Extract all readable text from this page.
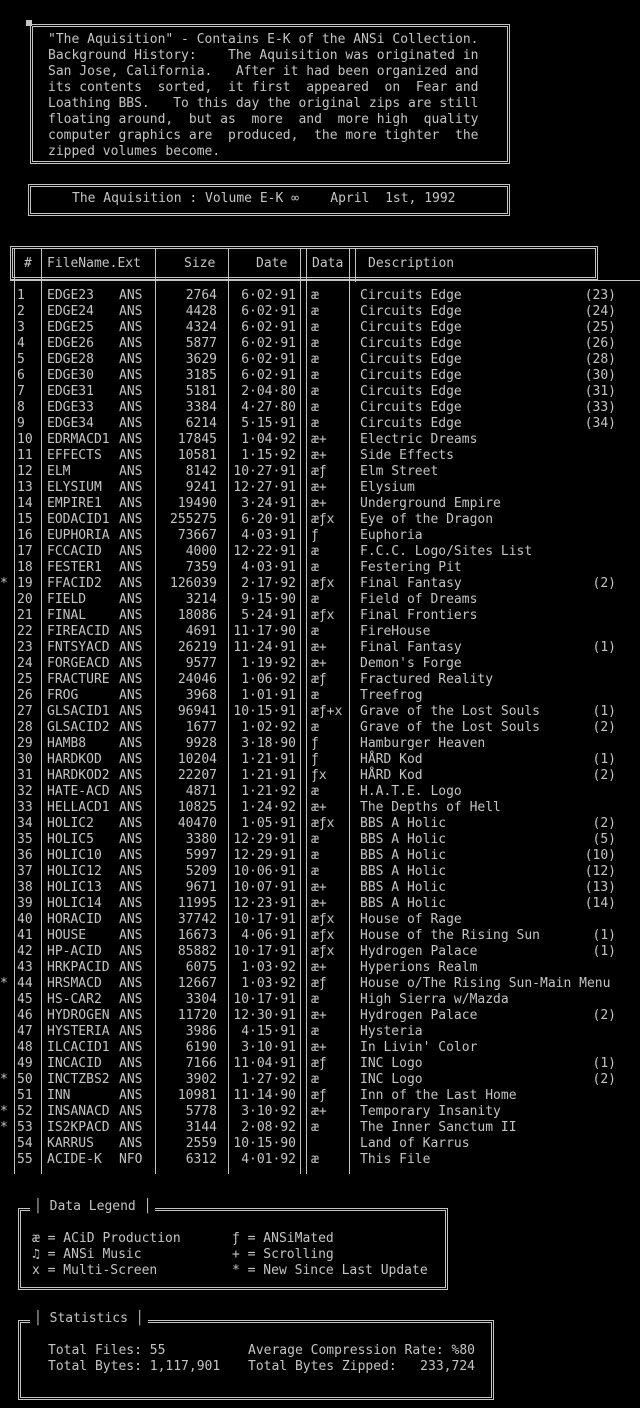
"The Aquisition" - Contains E-K of the ANSi Collection.
Background History:    The Aquisition was originated in
San Jose, California.   After it had been organized and
its contents  sorted,  it first  appeared  on  Fear and
Loathing BBS.   To this day the original zips are still
floating around,  but as  more  and  more high  quality
computer graphics are  produced,  the more tighter  the
zipped volumes become.
The Aquisition : Volume E-K ∞    April  1st, 1992
# FileName.Ext	Size	Date Data Description
1 EDGE23 ANS	2764	6·02·91 æ	Circuits Edge	(23)
2 EDGE24 ANS	4428	6·02·91 æ	Circuits Edge	(24)
3 EDGE25 ANS	4324	6·02·91 æ	Circuits Edge	(25)
4 EDGE26 ANS	5877	6·02·91 æ	Circuits Edge	(26)
5 EDGE28 ANS	3629	6·02·91 æ	Circuits Edge	(28)
6 EDGE30 ANS	3185	6·02·91 æ	Circuits Edge	(30)
7 EDGE31 ANS	5181	2·04·80 æ	Circuits Edge	(31)
8 EDGE33 ANS	3384	4·27·80 æ	Circuits Edge	(33)
9 EDGE34 ANS	6214	5·15·91 æ	Circuits Edge	(34)
10 EDRMACD1 ANS	17845	1·04·92 æ+	Electric Dreams
11 EFFECTS ANS	10581	1·15·92 æ+	Side Effects
12 ELM	ANS	8142 10·27·91 æƒ	Elm Street
13 ELYSIUM ANS	9241 12·27·91 æ+	Elysium
14 EMPIRE1 ANS	19490	3·24·91 æ+	Underground Empire
15 EODACID1 ANS	255275	6·20·91 æƒx Eye of the Dragon
16 EUPHORIA ANS	73667	4·03·91 ƒ	Euphoria
17 FCCACID ANS	4000 12·22·91 æ	F.C.C. Logo/Sites List
18 FESTER1 ANS	7359	4·03·91 æ	Festering Pit
* 19 FFACID2 ANS	126039	2·17·92 æƒx Final Fantasy	(2)
20 FIELD	ANS	3214	9·15·90 æ	Field of Dreams
21 FINAL	ANS	18086	5·24·91 æƒx Final Frontiers
22 FIREACID ANS	4691 11·17·90 æ	FireHouse
23 FNTSYACD ANS	26219 11·24·91 æ+	Final Fantasy	(1)
24 FORGEACD ANS	9577	1·19·92 æ+	Demon's Forge
25 FRACTURE ANS	24046	1·06·92 æƒ	Fractured Reality
26 FROG	ANS	3968	1·01·91 æ	Treefrog
27 GLSACID1 ANS	96941 10·15·91 æƒ+x Grave of the Lost Souls	(1)
28 GLSACID2 ANS	1677	1·02·92 æ	Grave of the Lost Souls	(2)
29 HAMB8	ANS	9928	3·18·90 ƒ	Hamburger Heaven
30 HARDKOD ANS	10204	1·21·91 ƒ	HÅRD Kod	(1)
31 HARDKOD2 ANS	22207	1·21·91 ƒx	HÅRD Kod	(2)
32 HATE-ACD ANS	4871	1·21·92 æ	H.A.T.E. Logo
33 HELLACD1 ANS	10825	1·24·92 æ+	The Depths of Hell
34 HOLIC2 ANS	40470	1·05·91 æƒx BBS A Holic	(2)
35 HOLIC5 ANS	3380 12·29·91 æ	BBS A Holic	(5)
36 HOLIC10 ANS	5997 12·29·91 æ	BBS A Holic	(10)
37 HOLIC12 ANS	5209 10·06·91 æ	BBS A Holic	(12)
38 HOLIC13 ANS	9671 10·07·91 æ+	BBS A Holic	(13)
39 HOLIC14 ANS	11995 12·23·91 æ+	BBS A Holic	(14)
40 HORACID ANS	37742 10·17·91 æƒx House of Rage
41 HOUSE	ANS	16673	4·06·91 æƒx House of the Rising Sun	(1)
42 HP-ACID ANS	85882 10·17·91 æƒx Hydrogen Palace	(1)
43 HRKPACID ANS	6075	1·03·92 æ+	Hyperions Realm
* 44 HRSMACD ANS	12667	1·03·92 æƒ	House o/The Rising Sun-Main Menu
45 HS-CAR2 ANS	3304 10·17·91 æ	High Sierra w/Mazda
46 HYDROGEN ANS	11720 12·30·91 æ+	Hydrogen Palace	(2)
47 HYSTERIA ANS	3986	4·15·91 æ	Hysteria
48 ILCACID1 ANS	6190	3·10·91 æ+	In Livin' Color
49 INCACID ANS	7166 11·04·91 æƒ	INC Logo	(1)
* 50 INCTZBS2 ANS	3902	1·27·92 æ	INC Logo	(2)
51 INN	ANS	10981 11·14·90 æƒ	Inn of the Last Home
* 52 INSANACD ANS	5778	3·10·92 æ+	Temporary Insanity
* 53 IS2KPACD ANS	3144	2·08·92 æ	The Inner Sanctum II
54 KARRUS ANS	2559 10·15·90	Land of Karrus
55 ACIDE-K NFO	6312	4·01·92 æ	This File
│ Data Legend │
æ = ACiD Production	ƒ = ANSiMated
♫ = ANSi Music	+ = Scrolling
x = Multi-Screen	* = New Since Last Update
│ Statistics │
Total Files: 55	Average Compression Rate: %80
Total Bytes: 1,117,901 Total Bytes Zipped:   233,724
